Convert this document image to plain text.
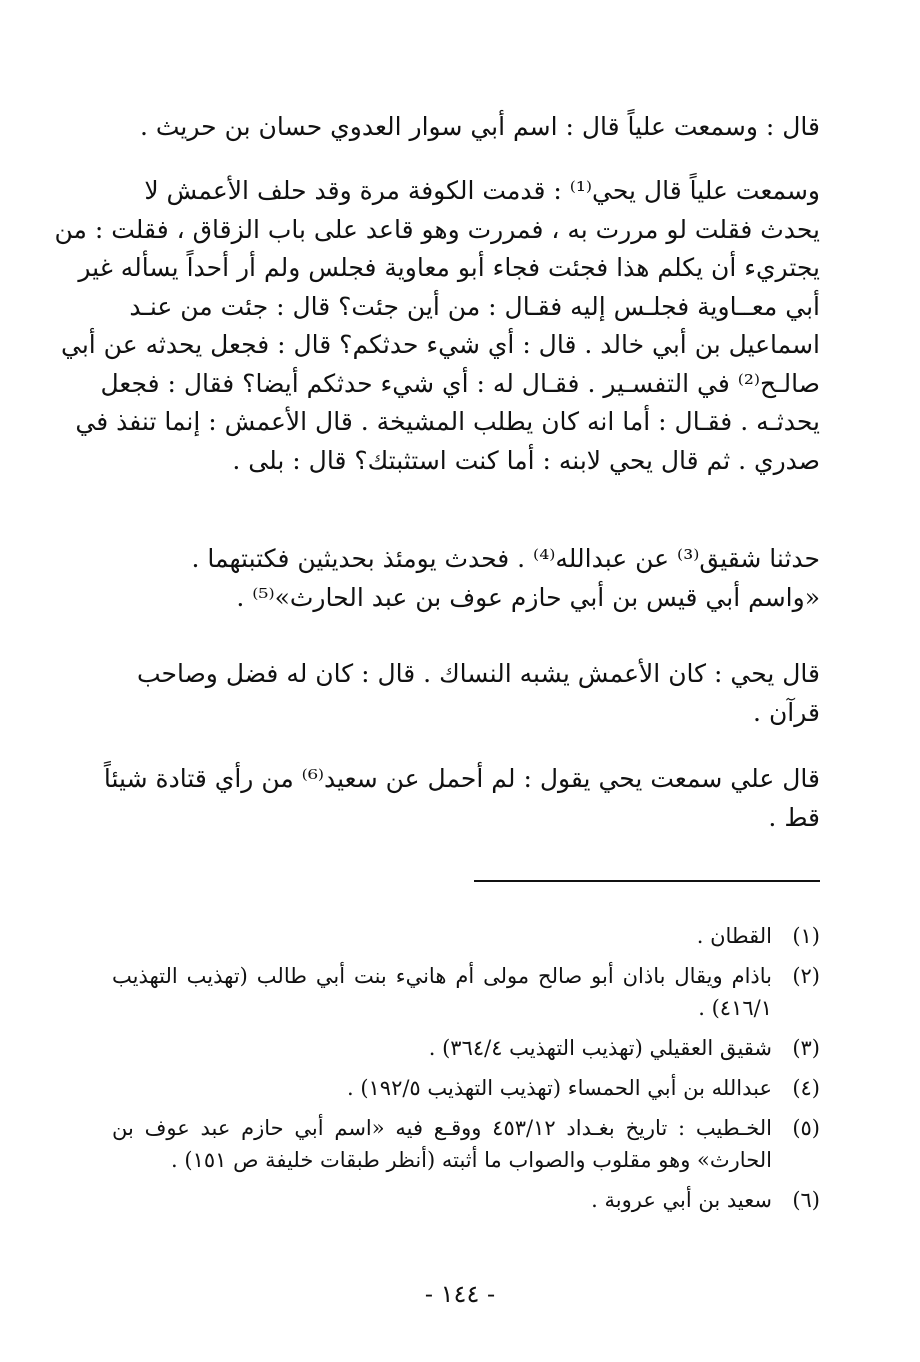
قال : وسمعت علياً قال : اسم أبي سوار العدوي حسان بن حريث .
وسمعت علياً قال يحي⁽¹⁾ : قدمت الكوفة مرة وقد حلف الأعمش لا
يحدث فقلت لو مررت به ، فمررت وهو قاعد على باب الزقاق ، فقلت : من
يجتريء أن يكلم هذا فجئت فجاء أبو معاوية فجلس ولم أر أحداً يسأله غير
أبي معــاوية فجلـس إليه فقـال : من أين جئت؟ قال : جئت من عنـد
اسماعيل بن أبي خالد . قال : أي شيء حدثكم؟ قال : فجعل يحدثه عن أبي
صالـح⁽²⁾ في التفسـير . فقـال له : أي شيء حدثكم أيضا؟ فقال : فجعل
يحدثـه . فقـال : أما انه كان يطلب المشيخة . قال الأعمش : إنما تنفذ في
صدري . ثم قال يحي لابنه : أما كنت استثبتك؟ قال : بلى .
حدثنا شقيق⁽³⁾ عن عبدالله⁽⁴⁾ . فحدث يومئذ بحديثين فكتبتهما .
«واسم أبي قيس بن أبي حازم عوف بن عبد الحارث»⁽⁵⁾ .
قال يحي : كان الأعمش يشبه النساك . قال : كان له فضل وصاحب
قرآن .
قال علي سمعت يحي يقول : لم أحمل عن سعيد⁽⁶⁾ من رأي قتادة شيئاً
قط .
(١)
القطان .
(٢)
باذام ويقال باذان أبو صالح مولى أم هانيء بنت أبي طالب (تهذيب التهذيب ٤١٦/١) .
(٣)
شقيق العقيلي (تهذيب التهذيب ٣٦٤/٤) .
(٤)
عبدالله بن أبي الحمساء (تهذيب التهذيب ١٩٢/٥) .
(٥)
الخـطيب : تاريخ بغـداد ٤٥٣/١٢ ووقـع فيه «اسم أبي حازم عبد عوف بن الحارث» وهو مقلوب والصواب ما أثبته (أنظر طبقات خليفة ص ١٥١) .
(٦)
سعيد بن أبي عروبة .
- ١٤٤ -
